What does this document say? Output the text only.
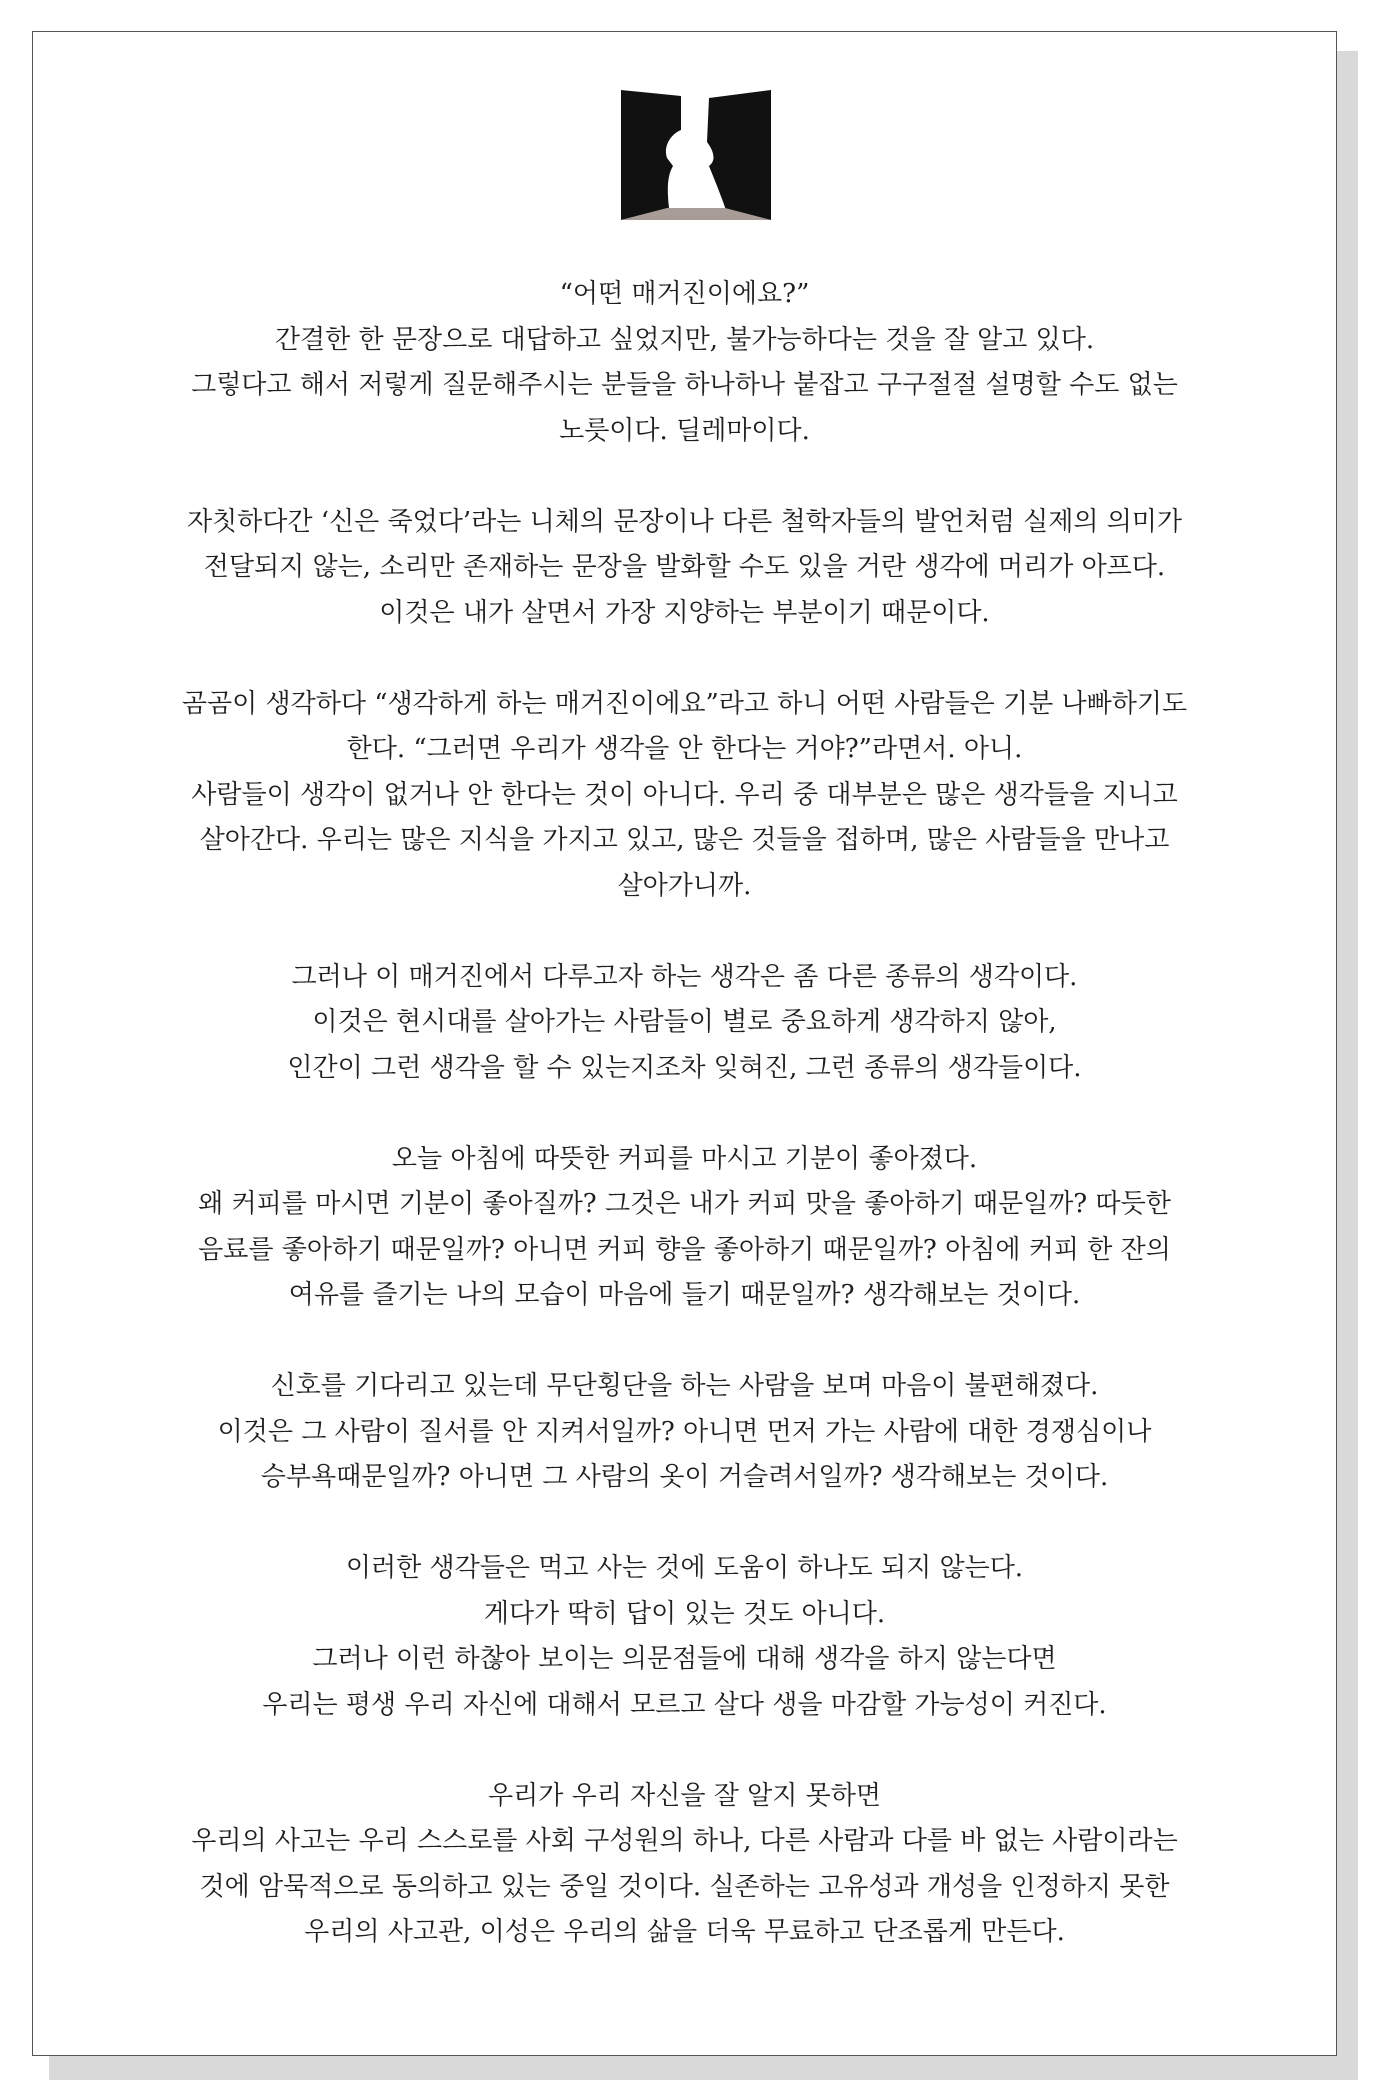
“어떤 매거진이에요?”
간결한 한 문장으로 대답하고 싶었지만, 불가능하다는 것을 잘 알고 있다.
그렇다고 해서 저렇게 질문해주시는 분들을 하나하나 붙잡고 구구절절 설명할 수도 없는
노릇이다. 딜레마이다.

자칫하다간 ‘신은 죽었다’라는 니체의 문장이나 다른 철학자들의 발언처럼 실제의 의미가
전달되지 않는, 소리만 존재하는 문장을 발화할 수도 있을 거란 생각에 머리가 아프다.
이것은 내가 살면서 가장 지양하는 부분이기 때문이다.

곰곰이 생각하다 “생각하게 하는 매거진이에요”라고 하니 어떤 사람들은 기분 나빠하기도
한다. “그러면 우리가 생각을 안 한다는 거야?”라면서. 아니.
사람들이 생각이 없거나 안 한다는 것이 아니다. 우리 중 대부분은 많은 생각들을 지니고
살아간다. 우리는 많은 지식을 가지고 있고, 많은 것들을 접하며, 많은 사람들을 만나고
살아가니까.

그러나 이 매거진에서 다루고자 하는 생각은 좀 다른 종류의 생각이다.
이것은 현시대를 살아가는 사람들이 별로 중요하게 생각하지 않아,
인간이 그런 생각을 할 수 있는지조차 잊혀진, 그런 종류의 생각들이다.

오늘 아침에 따뜻한 커피를 마시고 기분이 좋아졌다.
왜 커피를 마시면 기분이 좋아질까? 그것은 내가 커피 맛을 좋아하기 때문일까? 따듯한
음료를 좋아하기 때문일까? 아니면 커피 향을 좋아하기 때문일까? 아침에 커피 한 잔의
여유를 즐기는 나의 모습이 마음에 들기 때문일까? 생각해보는 것이다.

신호를 기다리고 있는데 무단횡단을 하는 사람을 보며 마음이 불편해졌다.
이것은 그 사람이 질서를 안 지켜서일까? 아니면 먼저 가는 사람에 대한 경쟁심이나
승부욕때문일까? 아니면 그 사람의 옷이 거슬려서일까? 생각해보는 것이다.

이러한 생각들은 먹고 사는 것에 도움이 하나도 되지 않는다.
게다가 딱히 답이 있는 것도 아니다.
그러나 이런 하찮아 보이는 의문점들에 대해 생각을 하지 않는다면
우리는 평생 우리 자신에 대해서 모르고 살다 생을 마감할 가능성이 커진다.

우리가 우리 자신을 잘 알지 못하면
우리의 사고는 우리 스스로를 사회 구성원의 하나, 다른 사람과 다를 바 없는 사람이라는
것에 암묵적으로 동의하고 있는 중일 것이다. 실존하는 고유성과 개성을 인정하지 못한
우리의 사고관, 이성은 우리의 삶을 더욱 무료하고 단조롭게 만든다.
